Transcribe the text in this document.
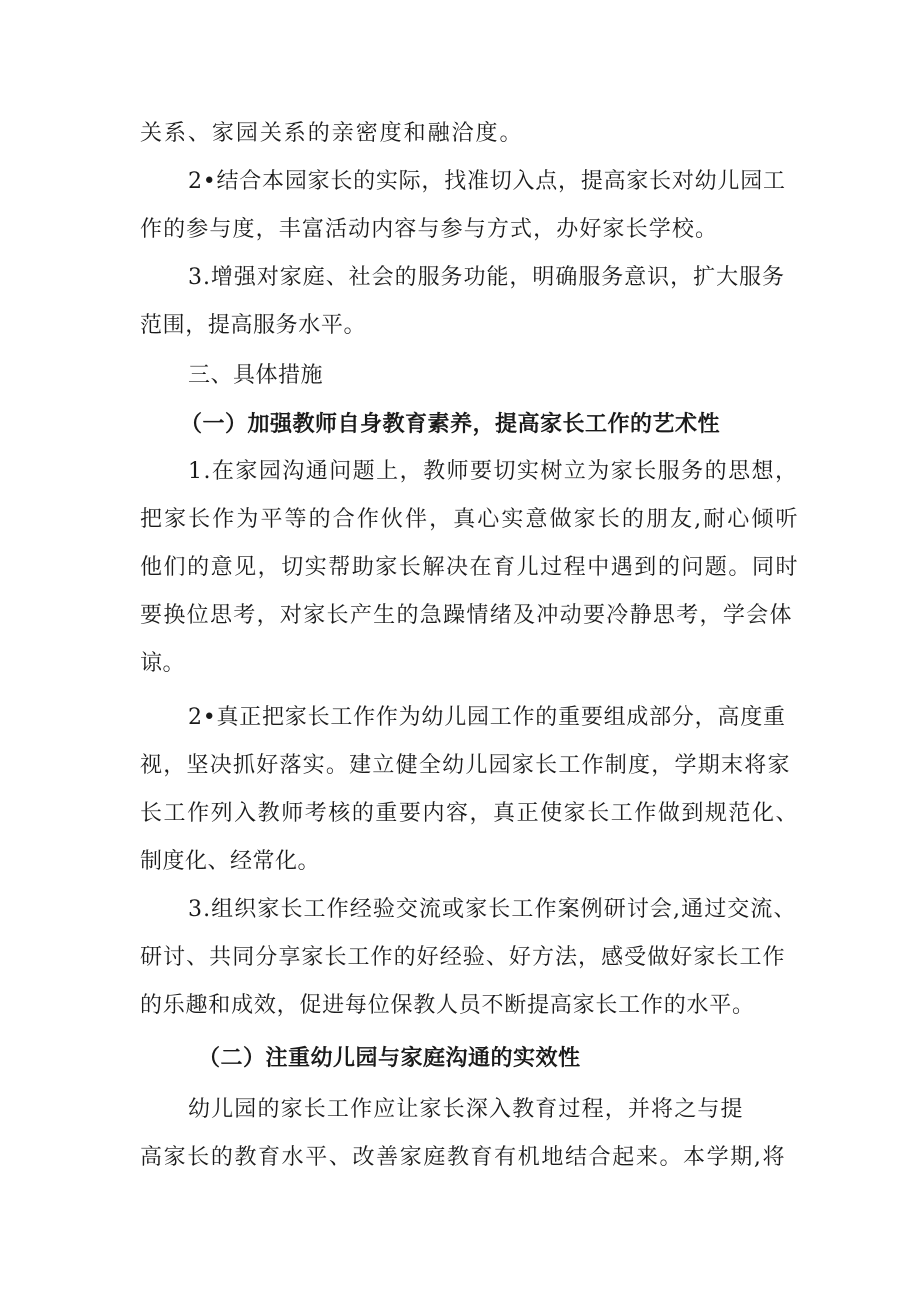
关系、家园关系的亲密度和融洽度。
2•结合本园家长的实际，找准切入点，提高家长对幼儿园工
作的参与度，丰富活动内容与参与方式，办好家长学校。
3.增强对家庭、社会的服务功能，明确服务意识，扩大服务
范围，提高服务水平。
三、具体措施
（一）加强教师自身教育素养，提高家长工作的艺术性
1.在家园沟通问题上，教师要切实树立为家长服务的思想，
把家长作为平等的合作伙伴，真心实意做家长的朋友,耐心倾听
他们的意见，切实帮助家长解决在育儿过程中遇到的问题。同时
要换位思考，对家长产生的急躁情绪及冲动要冷静思考，学会体
谅。
2•真正把家长工作作为幼儿园工作的重要组成部分，高度重
视，坚决抓好落实。建立健全幼儿园家长工作制度，学期末将家
长工作列入教师考核的重要内容，真正使家长工作做到规范化、
制度化、经常化。
3.组织家长工作经验交流或家长工作案例研讨会,通过交流、
研讨、共同分享家长工作的好经验、好方法，感受做好家长工作
的乐趣和成效，促进每位保教人员不断提高家长工作的水平。
（二）注重幼儿园与家庭沟通的实效性
幼儿园的家长工作应让家长深入教育过程，并将之与提
高家长的教育水平、改善家庭教育有机地结合起来。本学期,将
